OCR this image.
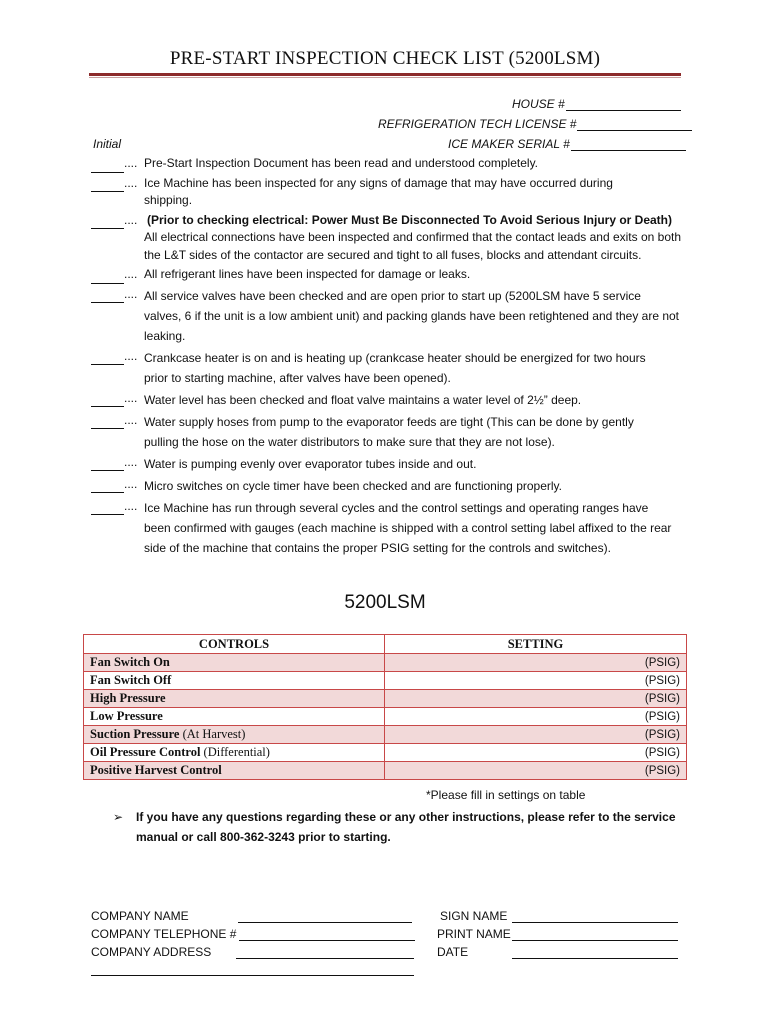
PRE-START INSPECTION CHECK LIST (5200LSM)
HOUSE #
REFRIGERATION TECH LICENSE #
Initial	ICE MAKER SERIAL #
.... Pre-Start Inspection Document has been read and understood completely.
.... Ice Machine has been inspected for any signs of damage that may have occurred during
shipping.
.... (Prior to checking electrical: Power Must Be Disconnected To Avoid Serious Injury or Death)
All electrical connections have been inspected and confirmed that the contact leads and exits on both the L&T sides of the contactor are secured and tight to all fuses, blocks and attendant circuits.
.... All refrigerant lines have been inspected for damage or leaks.
.... All service valves have been checked and are open prior to start up (5200LSM have 5 service
valves, 6 if the unit is a low ambient unit) and packing glands have been retightened and they are not leaking.
.... Crankcase heater is on and is heating up (crankcase heater should be energized for two hours
prior to starting machine, after valves have been opened).
.... Water level has been checked and float valve maintains a water level of 2½” deep.
.... Water supply hoses from pump to the evaporator feeds are tight (This can be done by gently
pulling the hose on the water distributors to make sure that they are not lose).
.... Water is pumping evenly over evaporator tubes inside and out.
.... Micro switches on cycle timer have been checked and are functioning properly.
.... Ice Machine has run through several cycles and the control settings and operating ranges have
been confirmed with gauges (each machine is shipped with a control setting label affixed to the rear side of the machine that contains the proper PSIG setting for the controls and switches).
5200LSM
CONTROLS	SETTING
Fan Switch On	(PSIG)
Fan Switch Off	(PSIG)
High Pressure	(PSIG)
Low Pressure	(PSIG)
Suction Pressure (At Harvest)	(PSIG)
Oil Pressure Control (Differential)	(PSIG)
Positive Harvest Control	(PSIG)
*Please fill in settings on table
➢ If you have any questions regarding these or any other instructions, please refer to the service manual or call 800-362-3243 prior to starting.
COMPANY NAME
COMPANY TELEPHONE #
COMPANY ADDRESS
SIGN NAME
PRINT NAME
DATE
